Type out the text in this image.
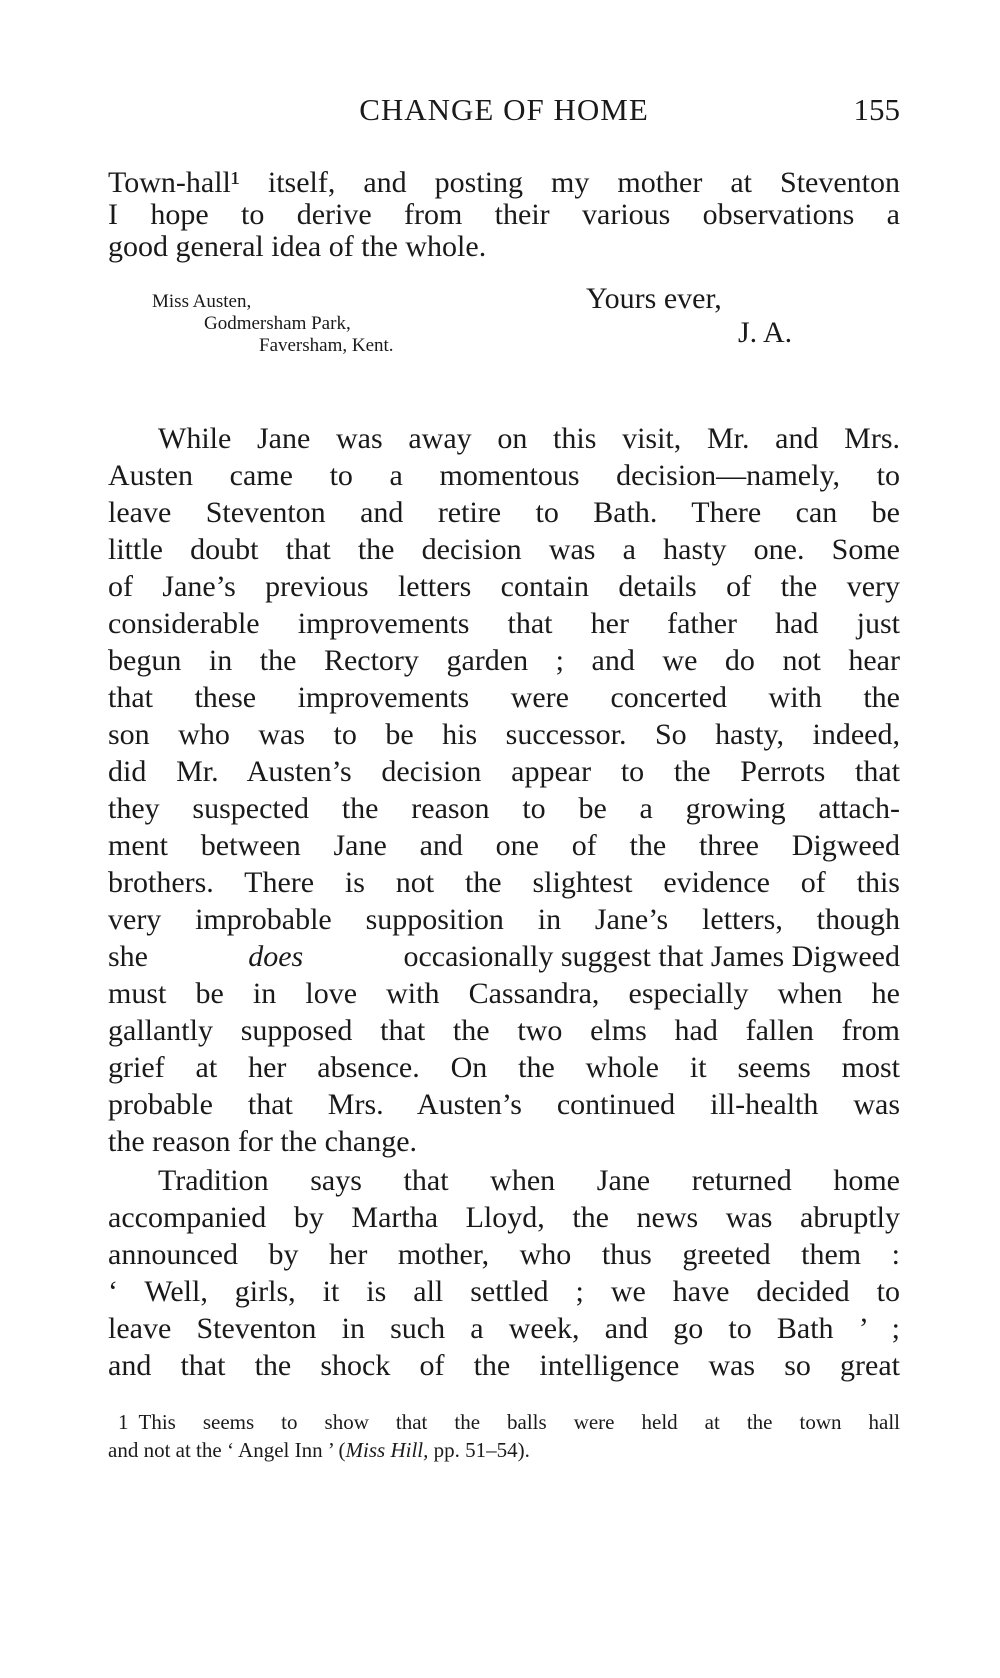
CHANGE OF HOME	155
Town-hall¹ itself, and posting my mother at Steventon
I hope to derive from their various observations a
good general idea of the whole.
Miss Austen,
Godmersham Park,
Faversham, Kent.
Yours ever,
J. A.
While Jane was away on this visit, Mr. and Mrs.
Austen came to a momentous decision—namely, to
leave Steventon and retire to Bath. There can be
little doubt that the decision was a hasty one. Some
of Jane’s previous letters contain details of the very
considerable improvements that her father had just
begun in the Rectory garden ; and we do not hear
that these improvements were concerted with the
son who was to be his successor. So hasty, indeed,
did Mr. Austen’s decision appear to the Perrots that
they suspected the reason to be a growing attach-
ment between Jane and one of the three Digweed
brothers. There is not the slightest evidence of this
very improbable supposition in Jane’s letters, though
she	does	occasionally suggest that James Digweed
must be in love with Cassandra, especially when he
gallantly supposed that the two elms had fallen from
grief at her absence. On the whole it seems most
probable that Mrs. Austen’s continued ill-health was
the reason for the change.
Tradition says that when Jane returned home
accompanied by Martha Lloyd, the news was abruptly
announced by her mother, who thus greeted them :
‘ Well, girls, it is all settled ; we have decided to
leave Steventon in such a week, and go to Bath ’ ;
and that the shock of the intelligence was so great
1 This seems to show that the balls were held at the town hall
and not at the ‘ Angel Inn ’ (Miss Hill, pp. 51–54).
